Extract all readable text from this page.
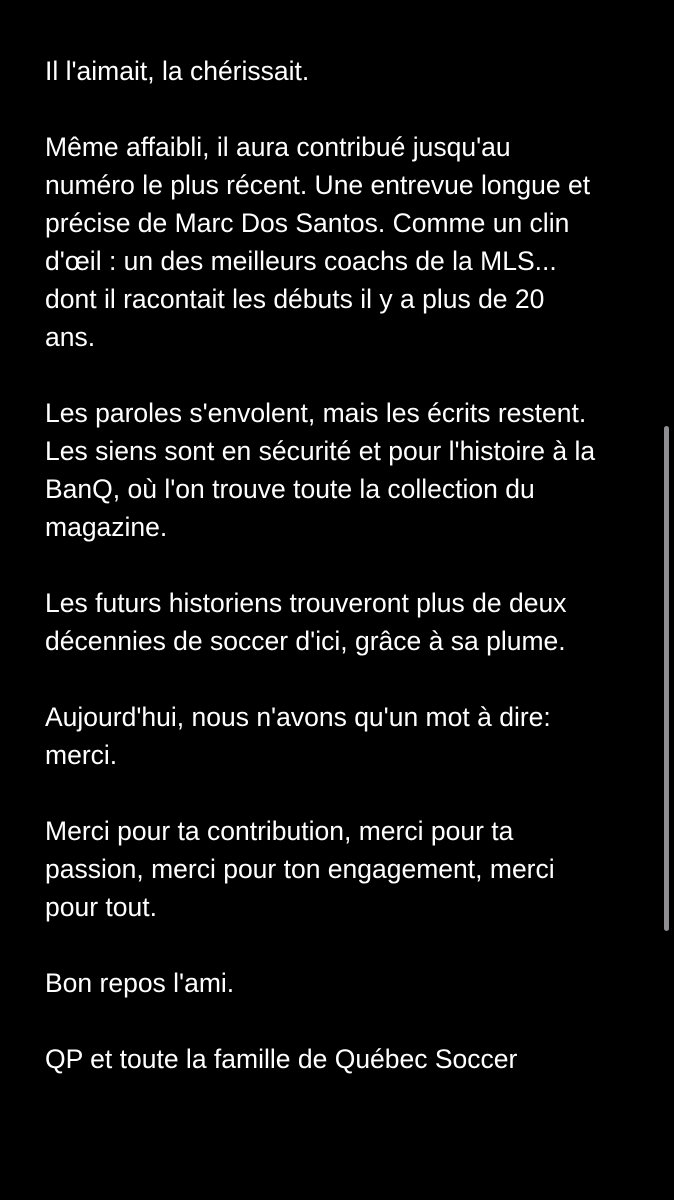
Il l'aimait, la chérissait.

Même affaibli, il aura contribué jusqu'au
numéro le plus récent. Une entrevue longue et
précise de Marc Dos Santos. Comme un clin
d'œil : un des meilleurs coachs de la MLS...
dont il racontait les débuts il y a plus de 20
ans.

Les paroles s'envolent, mais les écrits restent.
Les siens sont en sécurité et pour l'histoire à la
BanQ, où l'on trouve toute la collection du
magazine.

Les futurs historiens trouveront plus de deux
décennies de soccer d'ici, grâce à sa plume.

Aujourd'hui, nous n'avons qu'un mot à dire:
merci.

Merci pour ta contribution, merci pour ta
passion, merci pour ton engagement, merci
pour tout.

Bon repos l'ami.

QP et toute la famille de Québec Soccer
